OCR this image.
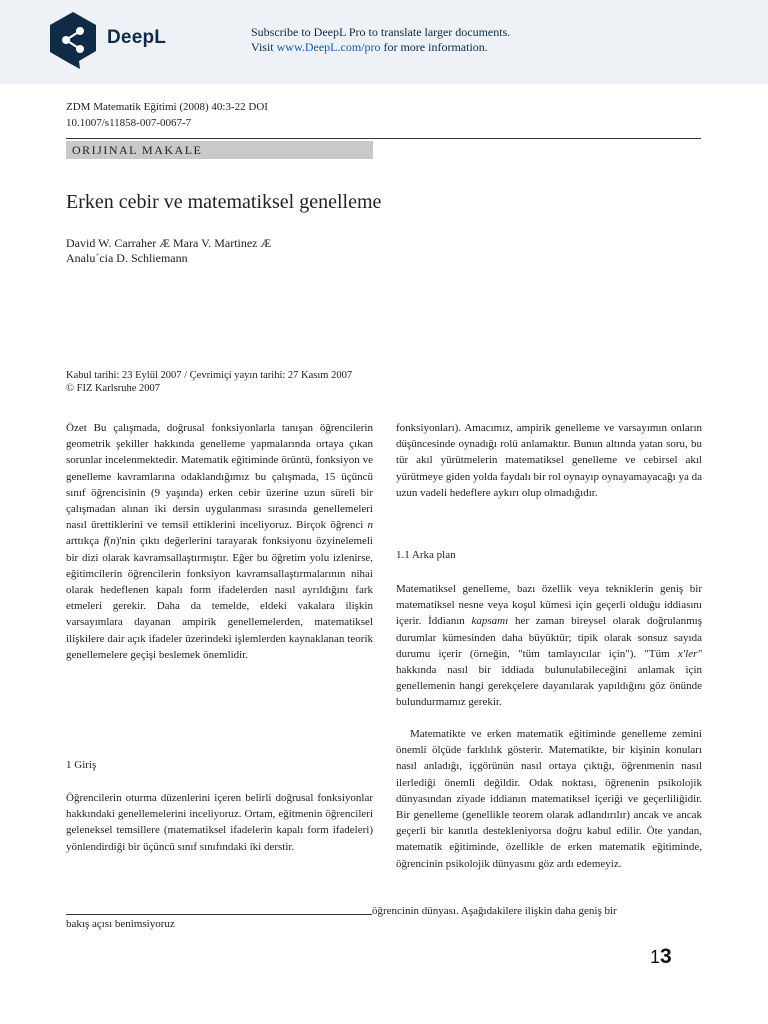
DeepL	Subscribe to DeepL Pro to translate larger documents.
Visit www.DeepL.com/pro for more information.
ZDM Matematik Eğitimi (2008) 40:3-22 DOI
10.1007/s11858-007-0067-7
ORIJINAL MAKALE
Erken cebir ve matematiksel genelleme
David W. Carraher Æ Mara V. Martinez Æ
Analu´cia D. Schliemann
Kabul tarihi: 23 Eylül 2007 / Çevrimiçi yayın tarihi: 27 Kasım 2007
© FIZ Karlsruhe 2007

Özet Bu çalışmada, doğrusal fonksiyonlarla tanışan öğrencilerin geometrik şekiller hakkında genelleme yapmalarında ortaya çıkan sorunlar incelenmektedir. Matematik eğitiminde örüntü, fonksiyon ve genelleme kavramlarına odaklandığımız bu çalışmada, 15 üçüncü sınıf öğrencisinin (9 yaşında) erken cebir üzerine uzun süreli bir çalışmadan alınan iki dersin uygulanması sırasında genellemeleri nasıl ürettiklerini ve temsil ettiklerini inceliyoruz. Birçok öğrenci n arttıkça f(n)'nin çıktı değerlerini tarayarak fonksiyonu özyinelemeli bir dizi olarak kavramsallaştırmıştır. Eğer bu öğretim yolu izlenirse, eğitimcilerin öğrencilerin fonksiyon kavramsallaştırmalarının nihai olarak hedeflenen kapalı form ifadelerden nasıl ayrıldığını fark etmeleri gerekir. Daha da temelde, eldeki vakalara ilişkin varsayımlara dayanan ampirik genellemelerden, matematiksel ilişkilere dair açık ifadeler üzerindeki işlemlerden kaynaklanan teorik genellemelere geçişi beslemek önemlidir.

1 Giriş

Öğrencilerin oturma düzenlerini içeren belirli doğrusal fonksiyonlar hakkındaki genellemelerini inceliyoruz. Ortam, eğitmenin öğrencileri geleneksel temsillere (matematiksel ifadelerin kapalı form ifadeleri) yönlendirdiği bir üçüncü sınıf sınıfındaki iki derstir.

fonksiyonları). Amacımız, ampirik genelleme ve varsayımın onların düşüncesinde oynadığı rolü anlamaktır. Bunun altında yatan soru, bu tür akıl yürütmelerin matematiksel genelleme ve cebirsel akıl yürütmeye giden yolda faydalı bir rol oynayıp oynayamayacağı ya da uzun vadeli hedeflere aykırı olup olmadığıdır.

1.1 Arka plan

Matematiksel genelleme, bazı özellik veya tekniklerin geniş bir matematiksel nesne veya koşul kümesi için geçerli olduğu iddiasını içerir. İddianın kapsamı her zaman bireysel olarak doğrulanmış durumlar kümesinden daha büyüktür; tipik olarak sonsuz sayıda durumu içerir (örneğin, "tüm tamlayıcılar için"). "Tüm x'ler" hakkında nasıl bir iddiada bulunulabileceğini anlamak için genellemenin hangi gerekçelere dayanılarak yapıldığını göz önünde bulundurmamız gerekir.

Matematikte ve erken matematik eğitiminde genelleme zemini önemli ölçüde farklılık gösterir. Matematikte, bir kişinin konuları nasıl anladığı, içgörünün nasıl ortaya çıktığı, öğrenmenin nasıl ilerlediği önemli değildir. Odak noktası, öğrenenin psikolojik dünyasından ziyade iddianın matematiksel içeriği ve geçerliliğidir. Bir genelleme (genellikle teorem olarak adlandırılır) ancak ve ancak geçerli bir kanıtla destekleniyorsa doğru kabul edilir. Öte yandan, matematik eğitiminde, özellikle de erken matematik eğitiminde, öğrencinin psikolojik dünyasını göz ardı edemeyiz.

öğrencinin dünyası. Aşağıdakilere ilişkin daha geniş bir
bakış açısı benimsiyoruz
13
